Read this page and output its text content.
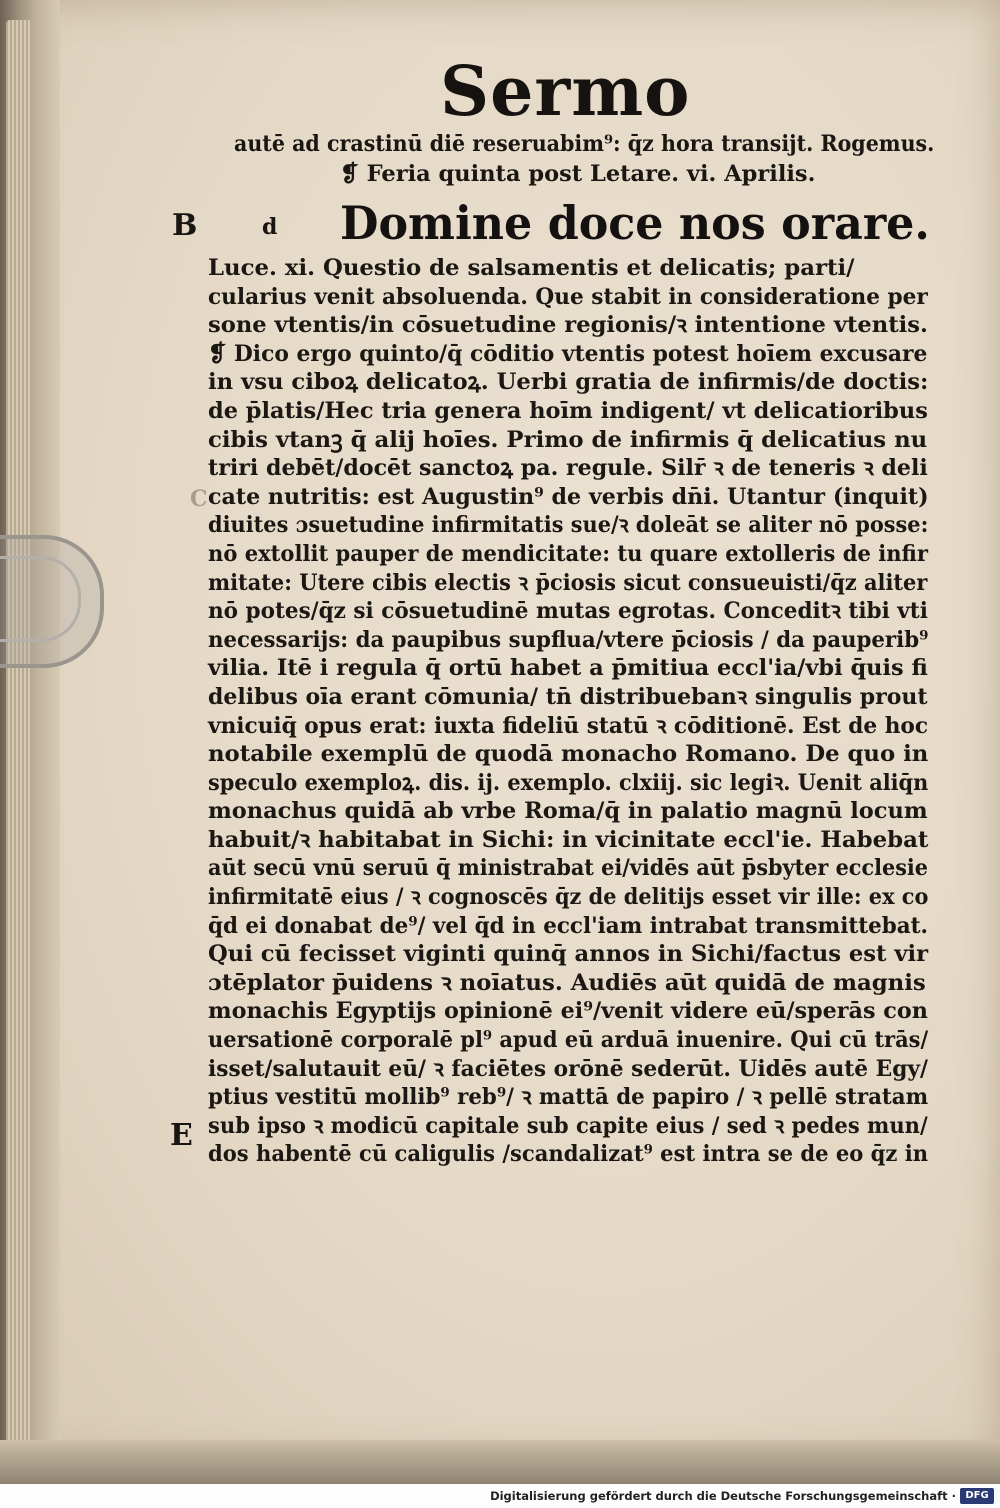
Sermo
autē ad crastinū diē reseruabim⁹: q̄z hora transijt. Rogemus.
❡ Feria quinta post Letare. vi. Aprilis.
Domine doce nos orare.
B	d
C
E
Luce. xi. Questio de salsamentis et delicatis; parti/
cularius venit absoluenda. Que stabit in consideratione per
sone vtentis/in cōsuetudine regionis/ꝛ intentione vtentis.
❡ Dico ergo quinto/q̄ cōditio vtentis potest hoīem excusare
in vsu ciboꝝ delicatoꝝ. Uerbi gratia de infirmis/de doctis:
de p̄latis/Hec tria genera hoīm indigent/ vt delicatioribus
cibis vtanꝫ q̄̄ alij hoīes. Primo de infirmis q̄ delicatius nu
triri debēt/docēt sanctoꝝ pa. regule. Silr̄ ꝛ de teneris ꝛ deli
cate nutritis: est Augustin⁹ de verbis dn̄i. Utantur (inquit)
diuites ɔsuetudine infirmitatis sue/ꝛ doleāt se aliter nō posse:
nō extollit pauper de mendicitate: tu quare extolleris de infir
mitate: Utere cibis electis ꝛ p̄ciosis sicut consueuisti/q̄z aliter
nō potes/q̄z si cōsuetudinē mutas egrotas. Conceditꝛ tibi vti
necessarijs: da paupibus supflua/vtere p̄ciosis / da pauperib⁹
vilia. Itē i regula q̄ ortū habet a p̄mitiua eccl'ia/vbi q̄uis fi
delibus oīa erant cōmunia/ tn̄ distribuebanꝛ singulis prout
vnicuiq̄ opus erat: iuxta fideliū statū ꝛ cōditionē. Est de hoc
notabile exemplū de quodā monacho Romano. De quo in
speculo exemploꝝ. dis. ij. exemplo. clxiij. sic legiꝛ. Uenit aliq̄n
monachus quidā ab vrbe Roma/q̄ in palatio magnū locum
habuit/ꝛ habitabat in Sichi: in vicinitate eccl'ie. Habebat
aūt secū vnū seruū q̄ ministrabat ei/vidēs aūt p̄sbyter ecclesie
infirmitatē eius / ꝛ cognoscēs q̄z de delitijs esset vir ille: ex co
q̄d ei donabat de⁹/ vel q̄d in eccl'iam intrabat transmittebat.
Qui cū fecisset viginti quinq̄ annos in Sichi/factus est vir
ɔtēplator p̄uidens ꝛ noīatus. Audiēs aūt quidā de magnis
monachis Egyptijs opinionē ei⁹/venit videre eū/sperās con
uersationē corporalē pl⁹ apud eū arduā inuenire. Qui cū trās/
isset/salutauit eū/ ꝛ faciētes orōnē sederūt. Uidēs autē Egy/
ptius vestitū mollib⁹ reb⁹/ ꝛ mattā de papiro / ꝛ pellē stratam
sub ipso ꝛ modicū capitale sub capite eius / sed ꝛ pedes mun/
dos habentē cū caligulis /scandalizat⁹ est intra se de eo q̄z in
Digitalisierung gefördert durch die Deutsche Forschungsgemeinschaft · DFG
